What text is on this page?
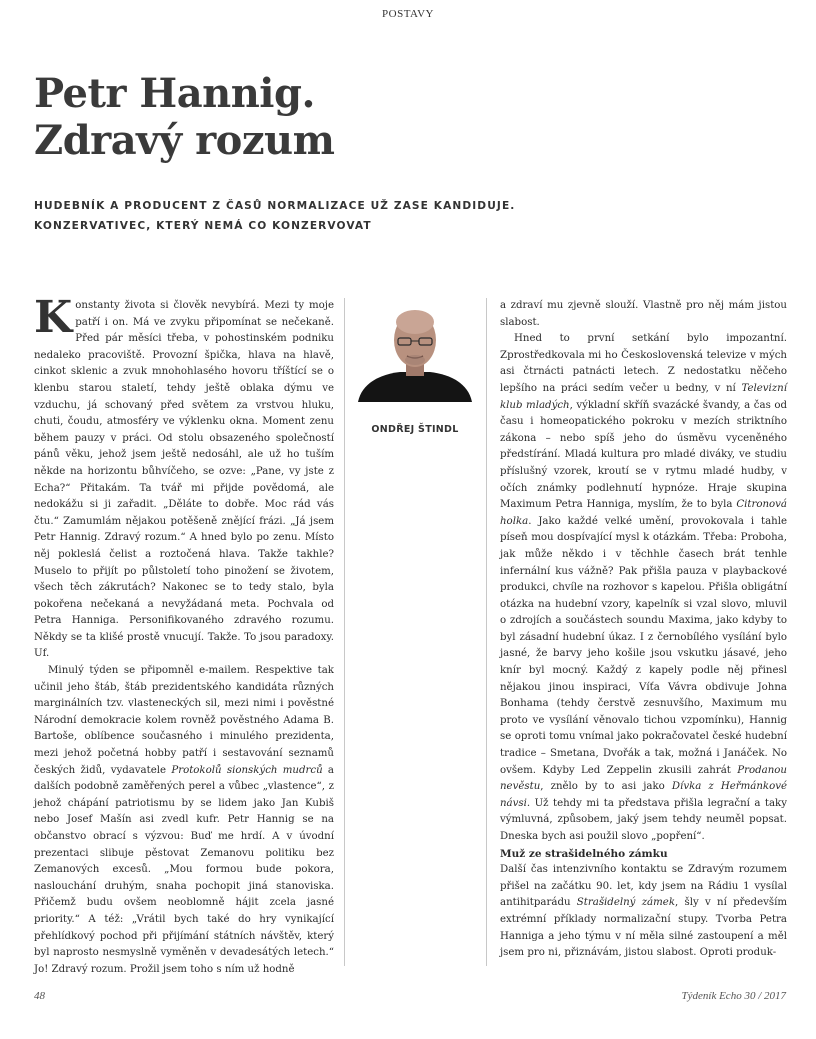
POSTAVY
Petr Hannig.
Zdravý rozum
HUDEBNÍK A PRODUCENT Z ČASŮ NORMALIZACE UŽ ZASE KANDIDUJE.
KONZERVATIVEC, KTERÝ NEMÁ CO KONZERVOVAT

Konstanty života si člověk nevybírá. Mezi ty moje patří i on. Má ve zvyku připomínat se nečekaně. Před pár měsíci třeba, v pohostinském podniku nedaleko pracoviště. Provozní špička, hlava na hlavě, cinkot sklenic a zvuk mnohohlasého hovoru tříštící se o klenbu starou staletí, tehdy ještě oblaka dýmu ve vzduchu, já schovaný před světem za vrstvou hluku, chuti, čoudu, atmosféry ve výklenku okna. Moment zenu během pauzy v práci. Od stolu obsazeného společností pánů věku, jehož jsem ještě nedosáhl, ale už ho tuším někde na horizontu bůhvíčeho, se ozve: „Pane, vy jste z Echa?“ Přitakám. Ta tvář mi přijde povědomá, ale nedokážu si ji zařadit. „Děláte to dobře. Moc rád vás čtu.“ Zamumlám nějakou potěšeně znějící frázi. „Já jsem Petr Hannig. Zdravý rozum.“ A hned bylo po zenu. Místo něj pokleslá čelist a roztočená hlava. Takže takhle? Muselo to přijít po půlstoletí toho pinožení se životem, všech těch zákrutách? Nakonec se to tedy stalo, byla pokořena nečekaná a nevyžádaná meta. Pochvala od Petra Hanniga. Personifikovaného zdravého rozumu. Někdy se ta klišé prostě vnucují. Takže. To jsou paradoxy. Uf.

Minulý týden se připomněl e-mailem. Respektive tak učinil jeho štáb, štáb prezidentského kandidáta různých marginálních tzv. vlasteneckých sil, mezi nimi i pověstné Národní demokracie kolem rovněž pověstného Adama B. Bartoše, oblíbence současného i minulého prezidenta, mezi jehož početná hobby patří i sestavování seznamů českých židů, vydavatele Protokolů sionských mudrců a dalších podobně zaměřených perel a vůbec „vlastence“, z jehož chápání patriotismu by se lidem jako Jan Kubiš nebo Josef Mašín asi zvedl kufr. Petr Hannig se na občanstvo obrací s výzvou: Buď me hrdí. A v úvodní prezentaci slibuje pěstovat Zemanovu politiku bez Zemanových excesů. „Mou formou bude pokora, naslouchání druhým, snaha pochopit jiná stanoviska. Přičemž budu ovšem neoblomně hájit zcela jasné priority.“ A též: „Vrátil bych také do hry vynikající přehlídkový pochod při přijímání státních návštěv, který byl naprosto nesmyslně vyměněn v devadesátých letech.“ Jo! Zdravý rozum. Prožil jsem toho s ním už hodně

ONDŘEJ ŠTINDL

a zdraví mu zjevně slouží. Vlastně pro něj mám jistou slabost.

Hned to první setkání bylo impozantní. Zprostředkovala mi ho Československá televize v mých asi čtrnácti patnácti letech. Z nedostatku něčeho lepšího na práci sedím večer u bedny, v ní Televizní klub mladých, výkladní skříň svazácké švandy, a čas od času i homeopatického pokroku v mezích striktního zákona – nebo spíš jeho do úsměvu vyceněného předstírání. Mladá kultura pro mladé diváky, ve studiu příslušný vzorek, kroutí se v rytmu mladé hudby, v očích známky podlehnutí hypnóze. Hraje skupina Maximum Petra Hanniga, myslím, že to byla Citronová holka. Jako každé velké umění, provokovala i tahle píseň mou dospívající mysl k otázkám. Třeba: Proboha, jak může někdo i v těchhle časech brát tenhle infernální kus vážně? Pak přišla pauza v playbackové produkci, chvíle na rozhovor s kapelou. Přišla obligátní otázka na hudební vzory, kapelník si vzal slovo, mluvil o zdrojích a součástech soundu Maxima, jako kdyby to byl zásadní hudební úkaz. I z černobílého vysílání bylo jasné, že barvy jeho košile jsou vskutku jásavé, jeho knír byl mocný. Každý z kapely podle něj přinesl nějakou jinou inspiraci, Víťa Vávra obdivuje Johna Bonhama (tehdy čerstvě zesnuvšího, Maximum mu proto ve vysílání věnovalo tichou vzpomínku), Hannig se oproti tomu vnímal jako pokračovatel české hudební tradice – Smetana, Dvořák a tak, možná i Janáček. No ovšem. Kdyby Led Zeppelin zkusili zahrát Prodanou nevěstu, znělo by to asi jako Dívka z Heřmánkové návsi. Už tehdy mi ta představa přišla legrační a taky výmluvná, způsobem, jaký jsem tehdy neuměl popsat. Dneska bych asi použil slovo „popření“.

Muž ze strašidelného zámku

Další čas intenzivního kontaktu se Zdravým rozumem přišel na začátku 90. let, kdy jsem na Rádiu 1 vysílal antihitparádu Strašidelný zámek, šly v ní především extrémní příklady normalizační stupy. Tvorba Petra Hanniga a jeho týmu v ní měla silné zastoupení a měl jsem pro ni, přiznávám, jistou slabost. Oproti produk-

48	Týdeník Echo 30 / 2017
